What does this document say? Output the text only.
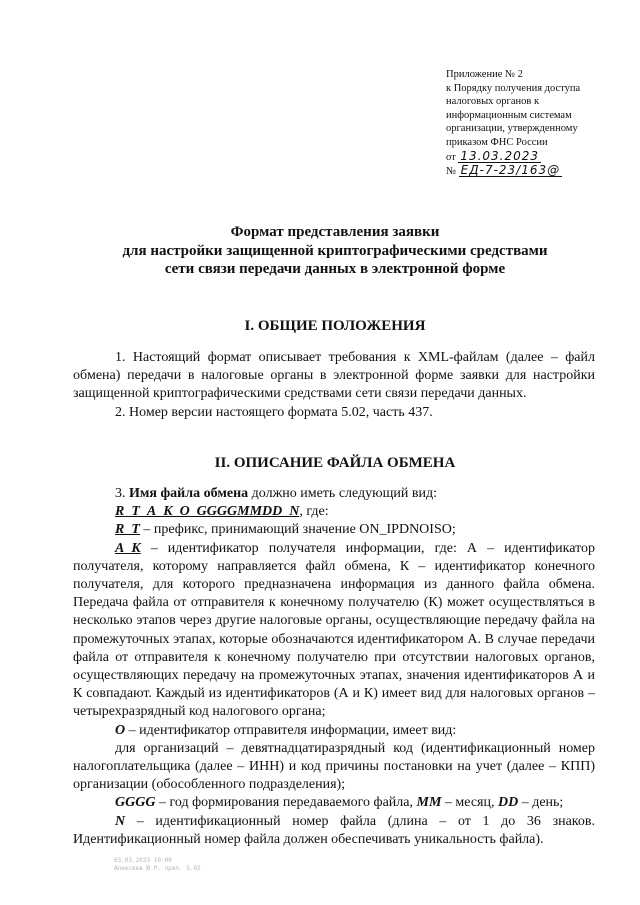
Приложение № 2
к Порядку получения доступа
налоговых органов к
информационным системам
организации, утвержденному
приказом ФНС России
от 13.03.2023
№ ЕД-7-23/163@
Формат представления заявки
для настройки защищенной криптографическими средствами
сети связи передачи данных в электронной форме
I. ОБЩИЕ ПОЛОЖЕНИЯ

1. Настоящий формат описывает требования к XML-файлам (далее – файл обмена) передачи в налоговые органы в электронной форме заявки для настройки защищенной криптографическими средствами сети связи передачи данных.

2. Номер версии настоящего формата 5.02, часть 437.

II. ОПИСАНИЕ ФАЙЛА ОБМЕНА

3. Имя файла обмена должно иметь следующий вид:

R_T_A_K_O_GGGGMMDD_N, где:

R_T – префикс, принимающий значение ON_IPDNOISO;

A_K – идентификатор получателя информации, где: А – идентификатор получателя, которому направляется файл обмена, К – идентификатор конечного получателя, для которого предназначена информация из данного файла обмена. Передача файла от отправителя к конечному получателю (К) может осуществляться в несколько этапов через другие налоговые органы, осуществляющие передачу файла на промежуточных этапах, которые обозначаются идентификатором А. В случае передачи файла от отправителя к конечному получателю при отсутствии налоговых органов, осуществляющих передачу на промежуточных этапах, значения идентификаторов А и К совпадают. Каждый из идентификаторов (А и К) имеет вид для налоговых органов – четырехразрядный код налогового органа;

O – идентификатор отправителя информации, имеет вид:

для организаций – девятнадцатиразрядный код (идентификационный номер налогоплательщика (далее – ИНН) и код причины постановки на учет (далее – КПП) организации (обособленного подразделения);

GGGG – год формирования передаваемого файла, MM – месяц, DD – день;

N – идентификационный номер файла (длина – от 1 до 36 знаков. Идентификационный номер файла должен обеспечивать уникальность файла).

03.03.2023 10:00
Алексеев Ю.Р. прил. 5.02
